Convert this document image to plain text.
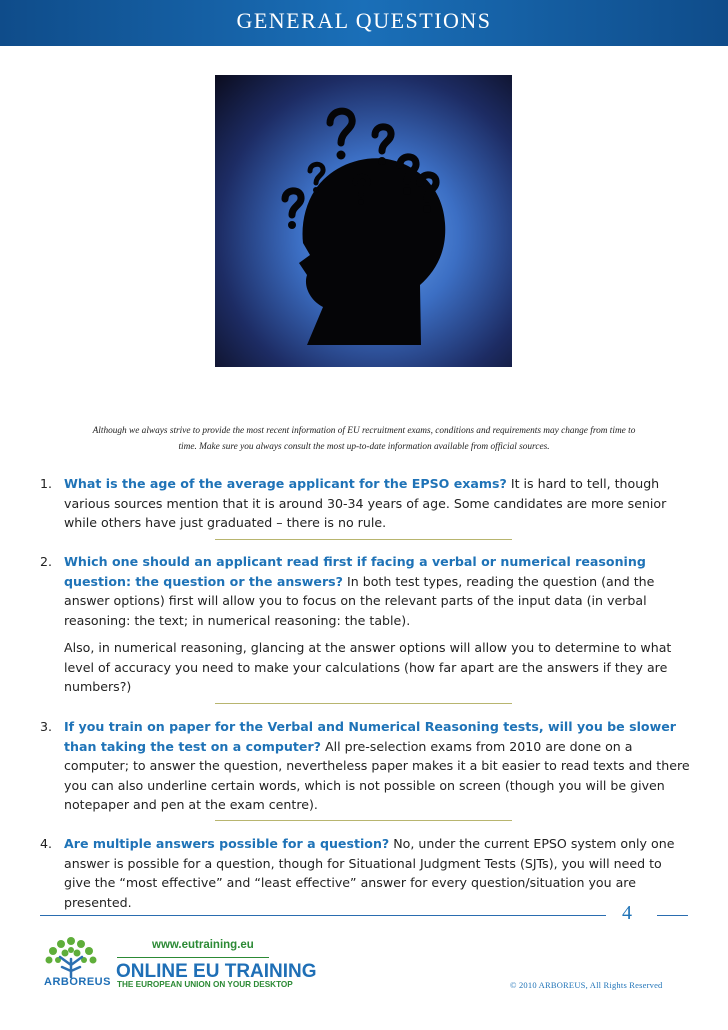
GENERAL QUESTIONS
Although we always strive to provide the most recent information of EU recruitment exams, conditions and requirements may change from time to
time. Make sure you always consult the most up-to-date information available from official sources.
1. What is the age of the average applicant for the EPSO exams? It is hard to tell, though various sources mention that it is around 30-34 years of age. Some candidates are more senior while others have just graduated – there is no rule.

2. Which one should an applicant read first if facing a verbal or numerical reasoning question: the question or the answers? In both test types, reading the question (and the answer options) first will allow you to focus on the relevant parts of the input data (in verbal reasoning: the text; in numerical reasoning: the table).

Also, in numerical reasoning, glancing at the answer options will allow you to determine to what level of accuracy you need to make your calculations (how far apart are the answers if they are numbers?)

3. If you train on paper for the Verbal and Numerical Reasoning tests, will you be slower than taking the test on a computer? All pre-selection exams from 2010 are done on a computer; to answer the question, nevertheless paper makes it a bit easier to read texts and there you can also underline certain words, which is not possible on screen (though you will be given notepaper and pen at the exam centre).

4. Are multiple answers possible for a question? No, under the current EPSO system only one answer is possible for a question, though for Situational Judgment Tests (SJTs), you will need to give the “most effective” and “least effective” answer for every question/situation you are presented.	4
ARBOREUS
www.eutraining.eu
ONLINE EU TRAINING
THE EUROPEAN UNION ON YOUR DESKTOP	© 2010 ARBOREUS, All Rights Reserved
